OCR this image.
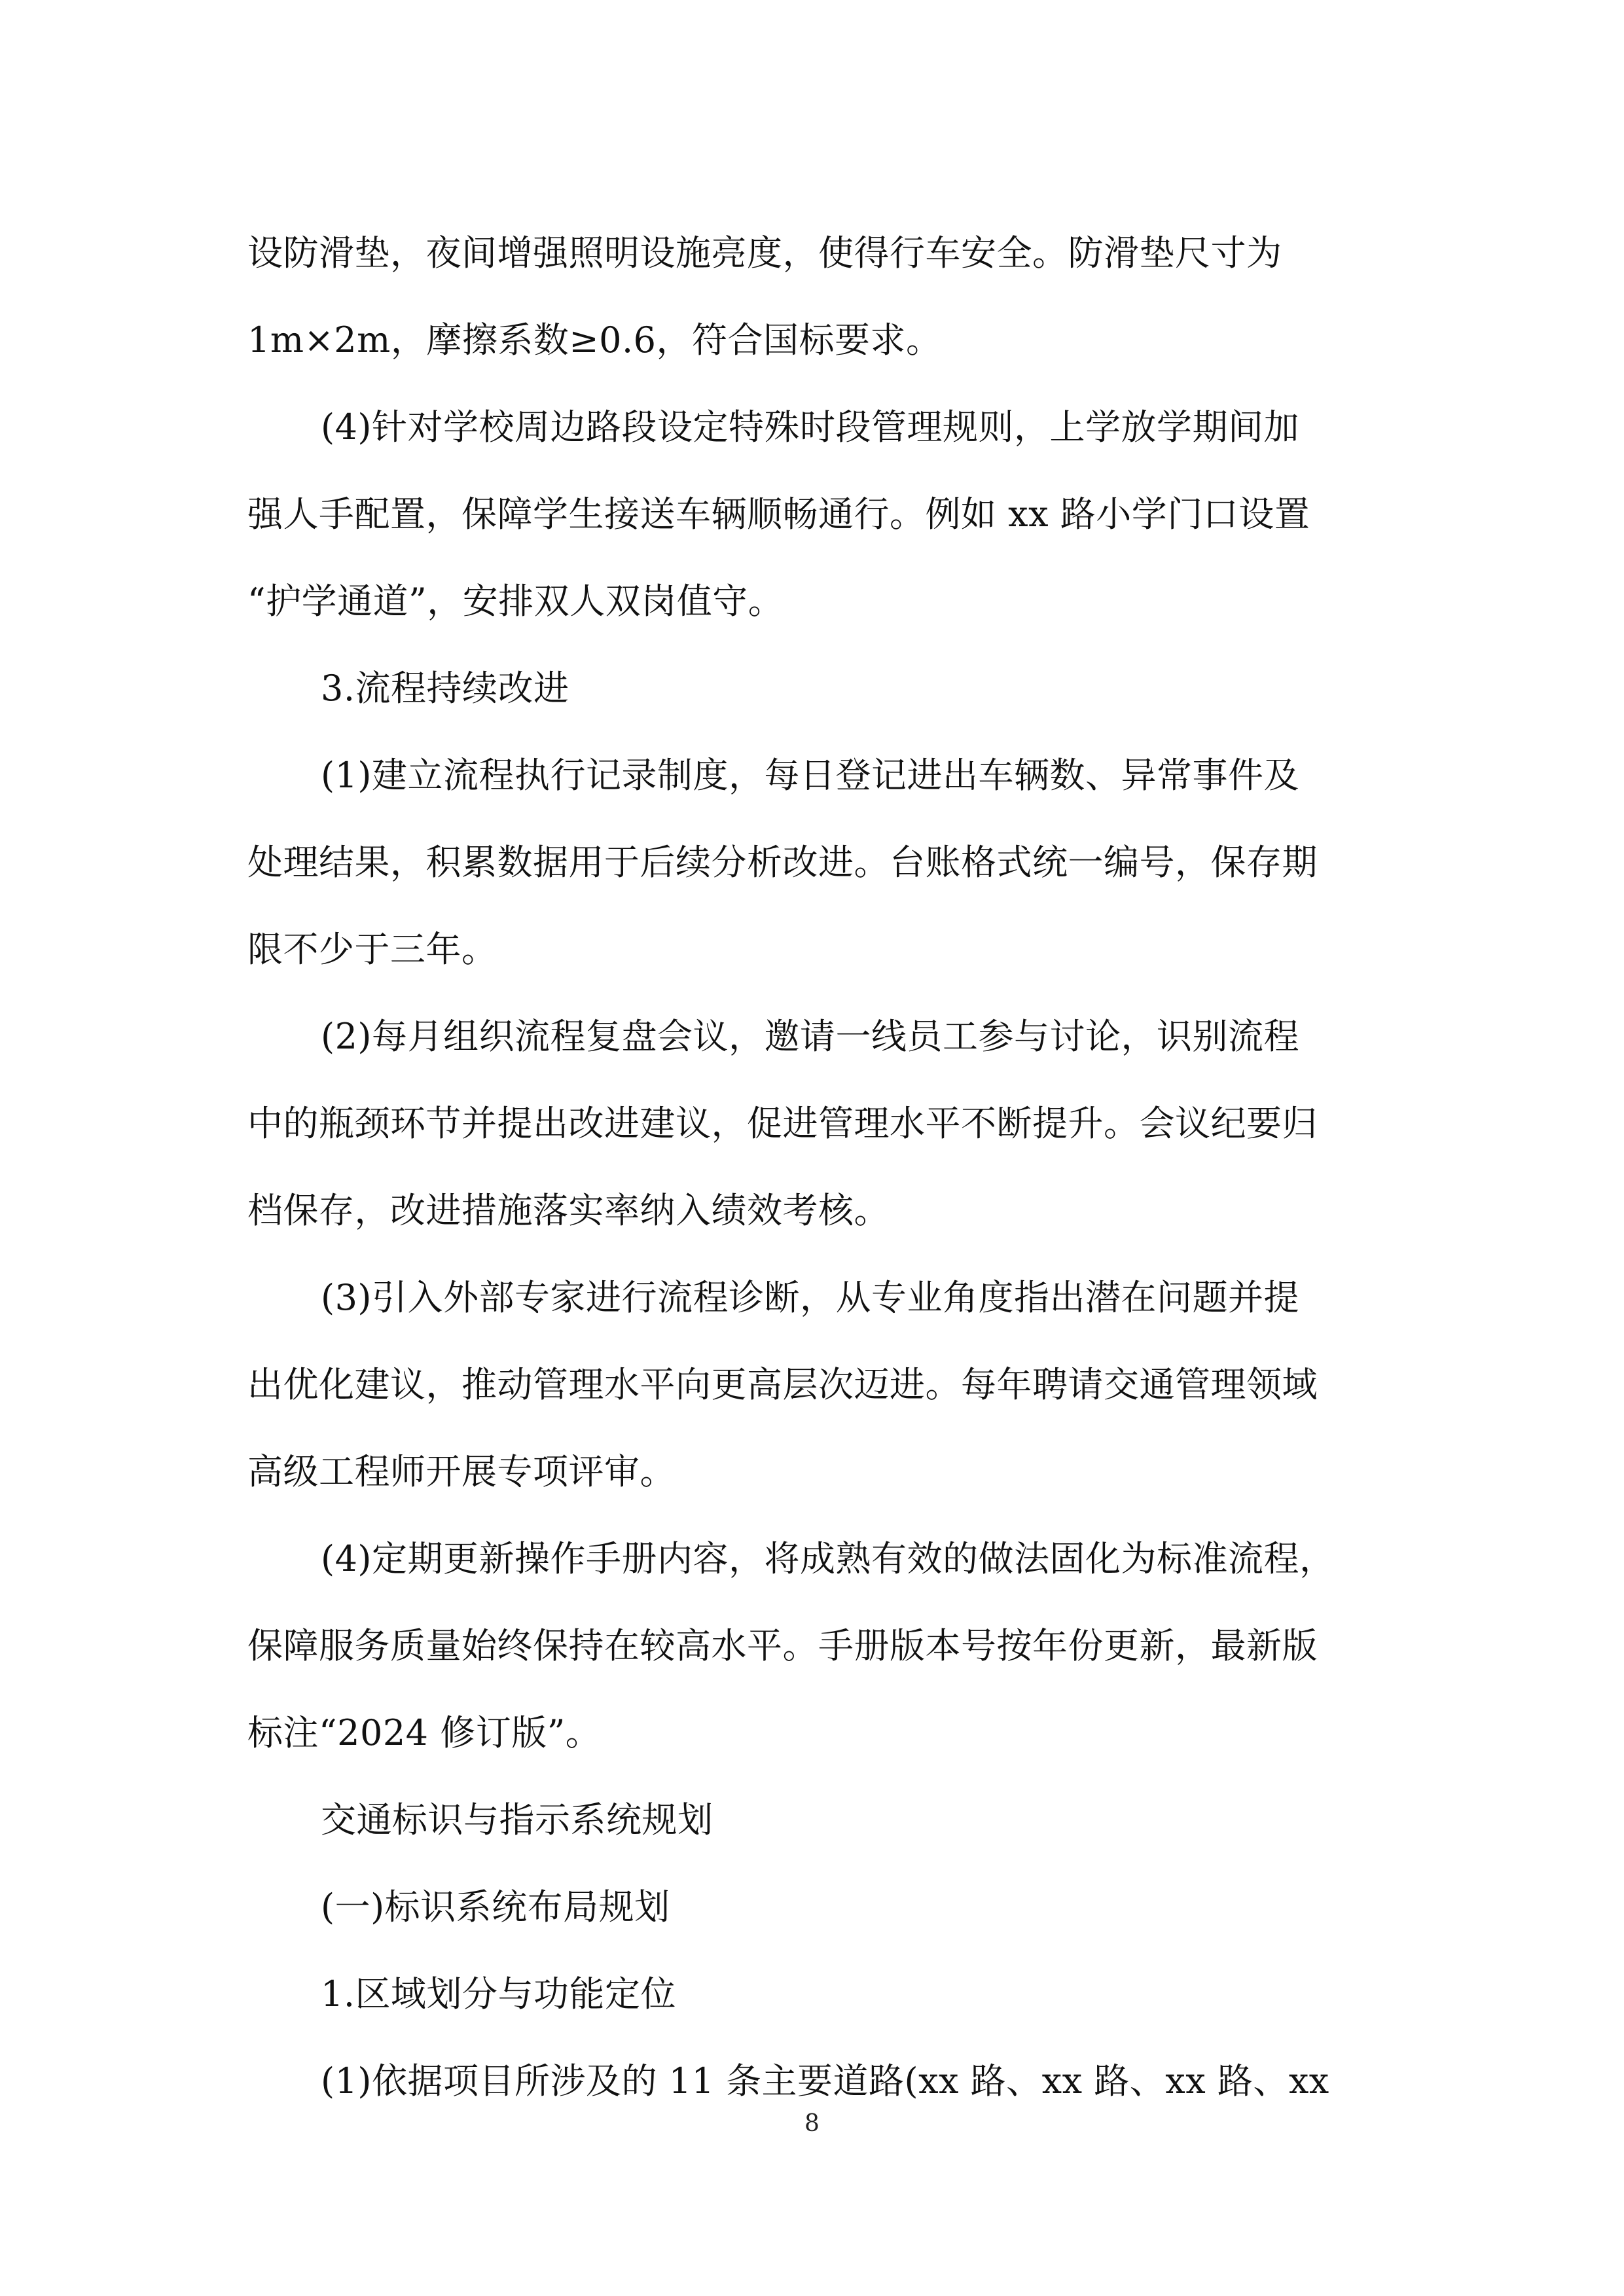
设防滑垫，夜间增强照明设施亮度，使得行车安全。防滑垫尺寸为
1m×2m，摩擦系数≥0.6，符合国标要求。
(4)针对学校周边路段设定特殊时段管理规则，上学放学期间加
强人手配置，保障学生接送车辆顺畅通行。例如 xx 路小学门口设置
“护学通道”，安排双人双岗值守。
3.流程持续改进
(1)建立流程执行记录制度，每日登记进出车辆数、异常事件及
处理结果，积累数据用于后续分析改进。台账格式统一编号，保存期
限不少于三年。
(2)每月组织流程复盘会议，邀请一线员工参与讨论，识别流程
中的瓶颈环节并提出改进建议，促进管理水平不断提升。会议纪要归
档保存，改进措施落实率纳入绩效考核。
(3)引入外部专家进行流程诊断，从专业角度指出潜在问题并提
出优化建议，推动管理水平向更高层次迈进。每年聘请交通管理领域
高级工程师开展专项评审。
(4)定期更新操作手册内容，将成熟有效的做法固化为标准流程，
保障服务质量始终保持在较高水平。手册版本号按年份更新，最新版
标注“2024 修订版”。
交通标识与指示系统规划
(一)标识系统布局规划
1.区域划分与功能定位
(1)依据项目所涉及的 11 条主要道路(xx 路、xx 路、xx 路、xx
8
